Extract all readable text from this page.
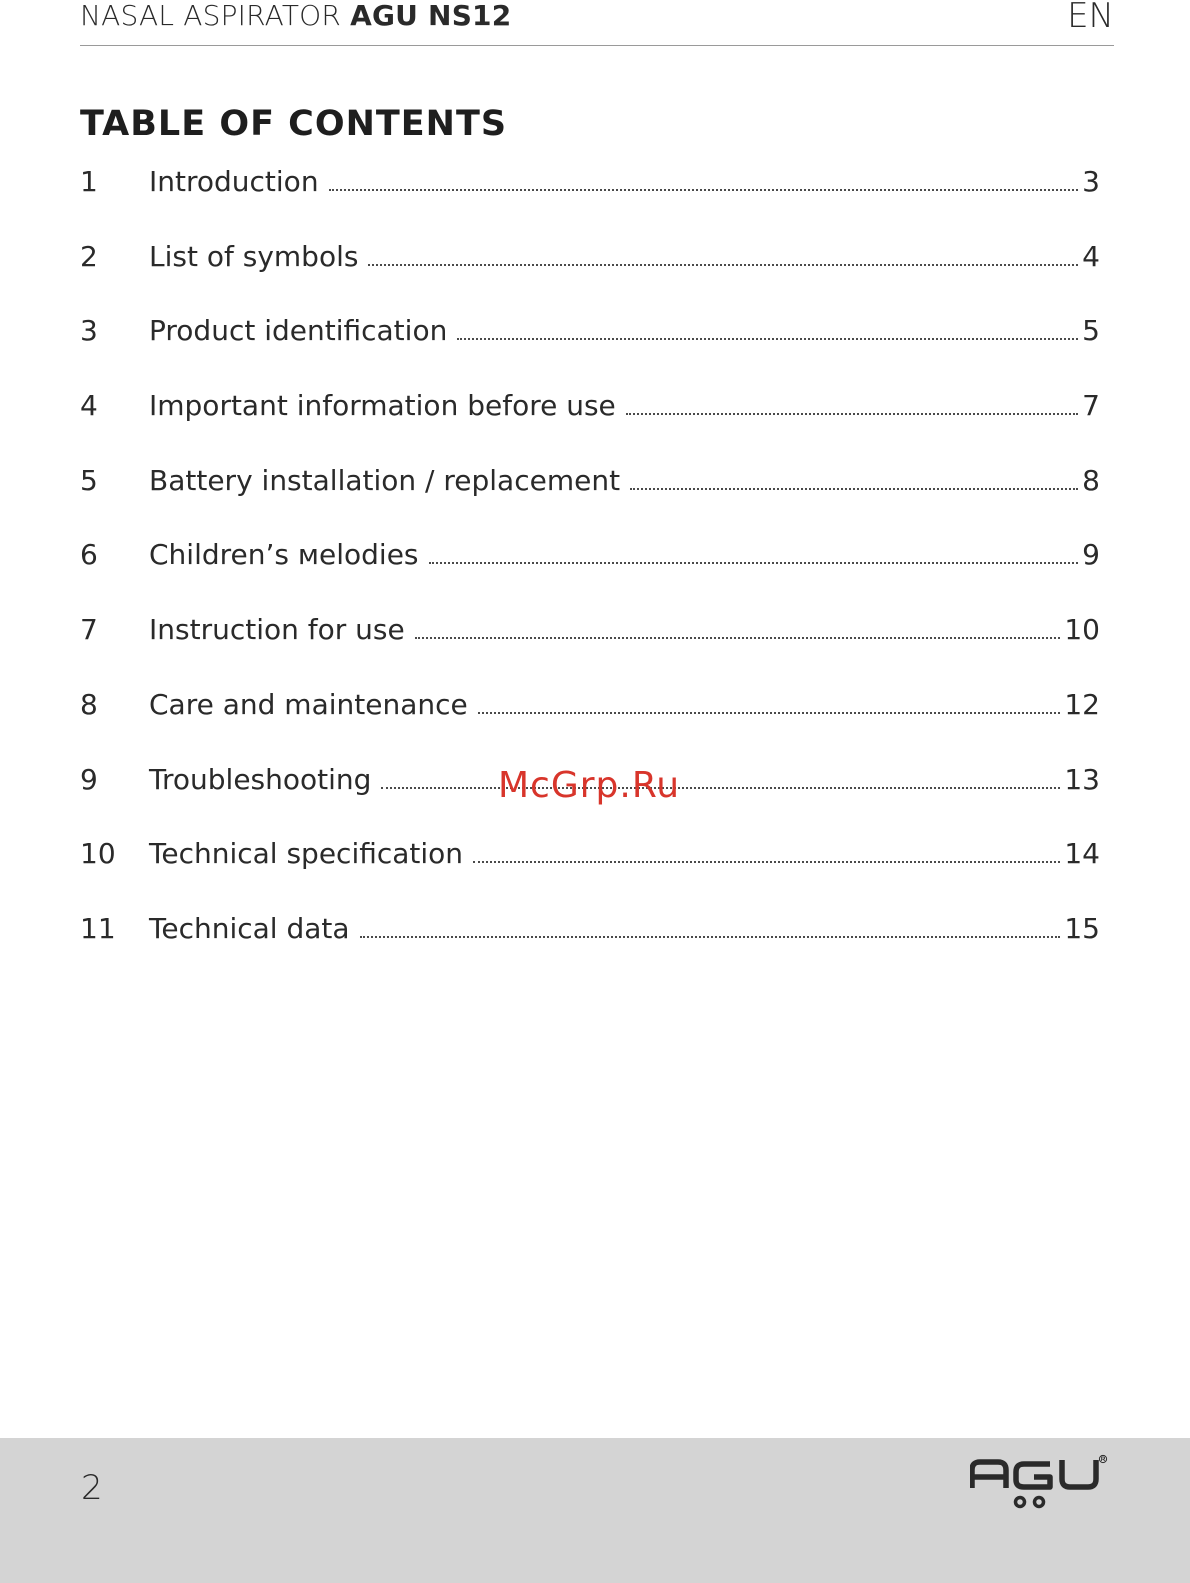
NASAL ASPIRATOR AGU NS12	EN
TABLE OF CONTENTS
1	Introduction	3
2	List of symbols	4
3	Product identiﬁcation	5
4	Important information before use	7
5	Battery installation / replacement	8
6	Children’s мelodies	9
7	Instruction for use	10
8	Care and maintenance	12
9	Troubleshooting	13
10	Technical speciﬁcation	14
11	Technical data	15
McGrp.Ru
2
